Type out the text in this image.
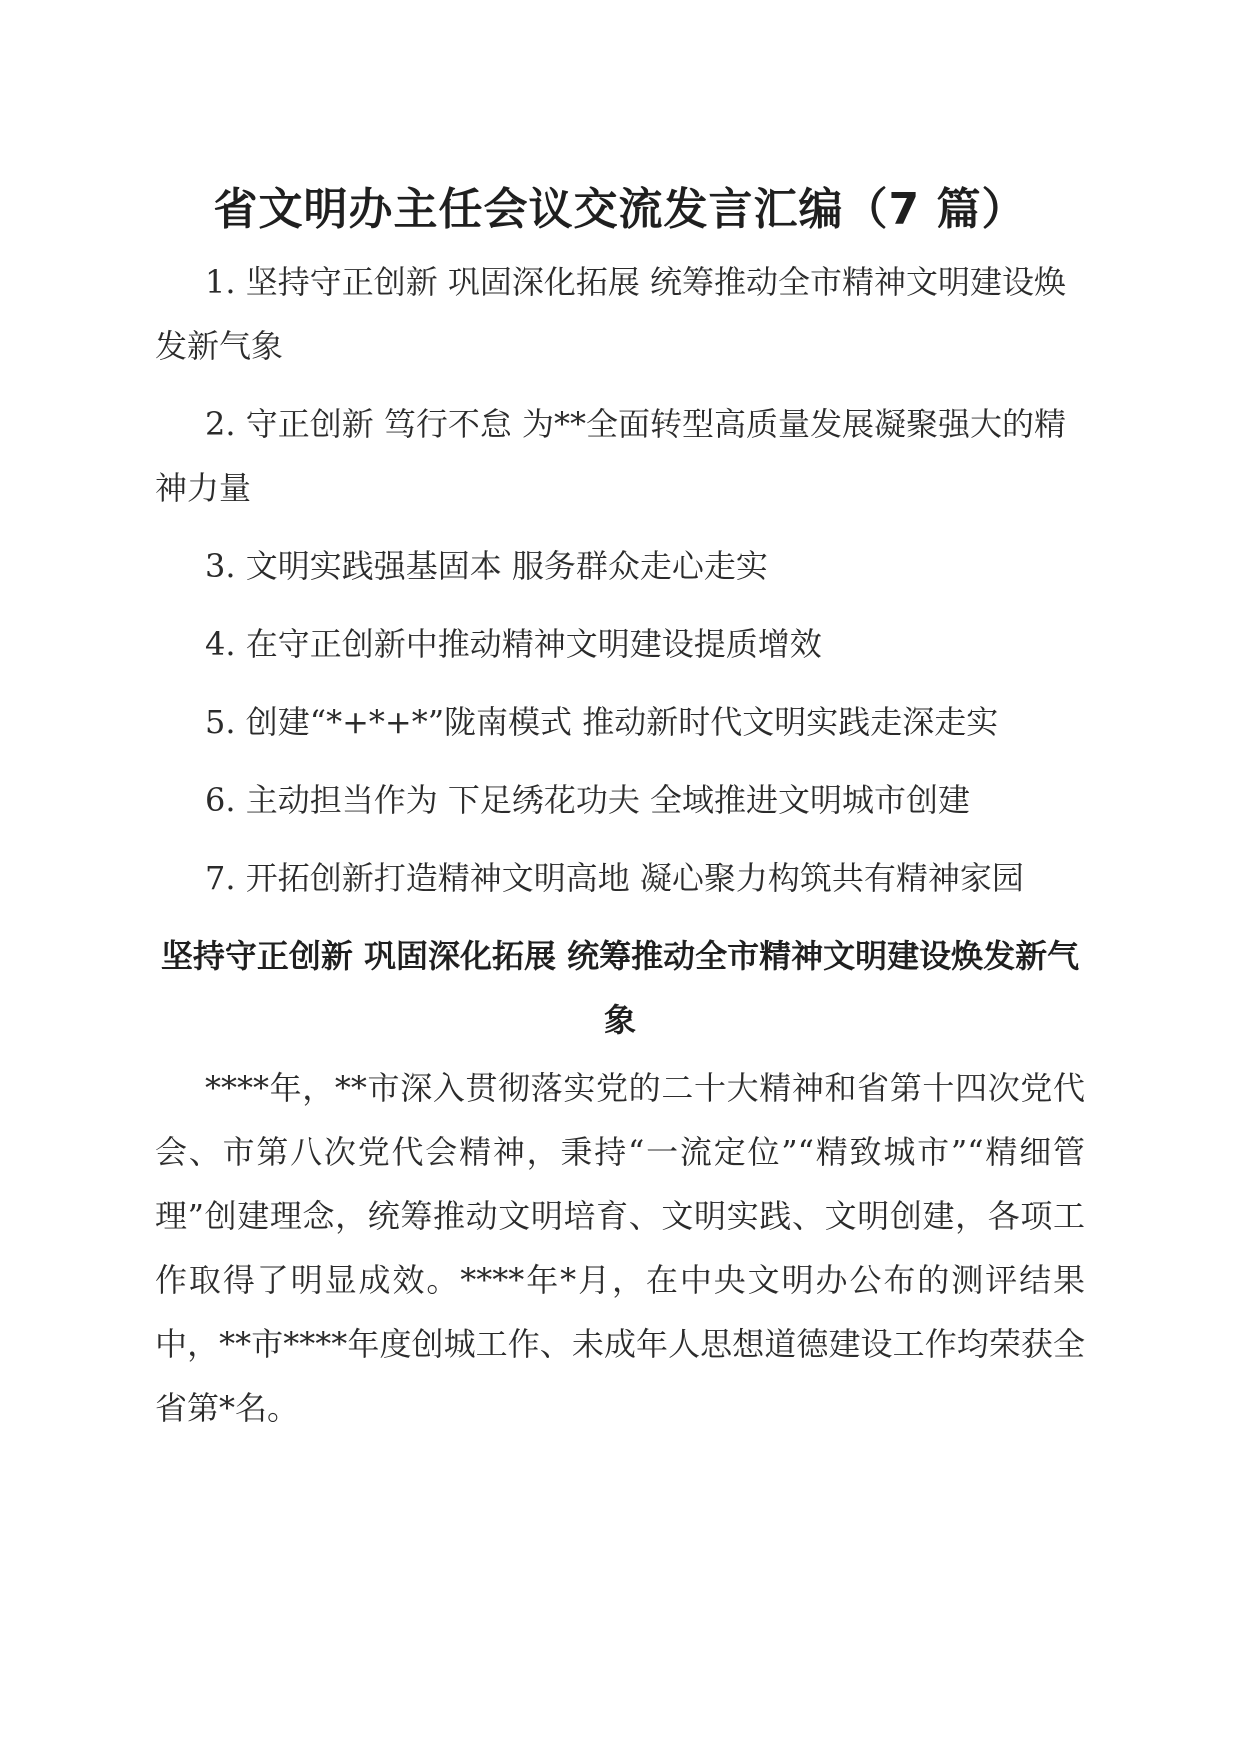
省文明办主任会议交流发言汇编（7 篇）
1. 坚持守正创新 巩固深化拓展 统筹推动全市精神文明建设焕发新气象
2. 守正创新 笃行不怠 为**全面转型高质量发展凝聚强大的精神力量
3. 文明实践强基固本 服务群众走心走实
4. 在守正创新中推动精神文明建设提质增效
5. 创建“*+*+*”陇南模式 推动新时代文明实践走深走实
6. 主动担当作为 下足绣花功夫 全域推进文明城市创建
7. 开拓创新打造精神文明高地 凝心聚力构筑共有精神家园
坚持守正创新 巩固深化拓展 统筹推动全市精神文明建设焕发新气象

****年，**市深入贯彻落实党的二十大精神和省第十四次党代会、市第八次党代会精神，秉持“一流定位”“精致城市”“精细管理”创建理念，统筹推动文明培育、文明实践、文明创建，各项工作取得了明显成效。****年*月，在中央文明办公布的测评结果中，**市****年度创城工作、未成年人思想道德建设工作均荣获全省第*名。
